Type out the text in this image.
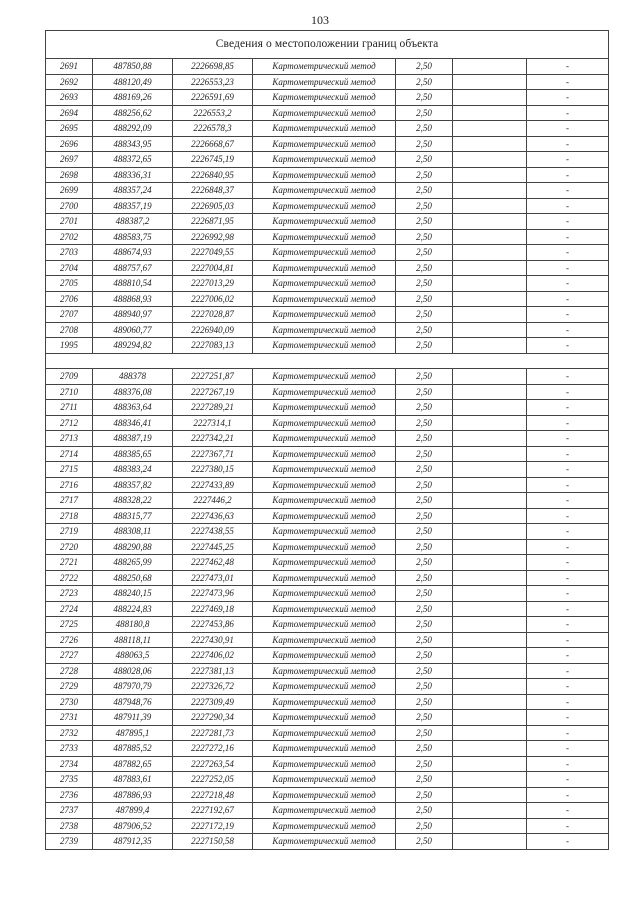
103
Сведения о местоположении границ объекта						
2691	487850,88	2226698,85	Картометрический метод	2,50		-
2692	488120,49	2226553,23	Картометрический метод	2,50		-
2693	488169,26	2226591,69	Картометрический метод	2,50		-
2694	488256,62	2226553,2	Картометрический метод	2,50		-
2695	488292,09	2226578,3	Картометрический метод	2,50		-
2696	488343,95	2226668,67	Картометрический метод	2,50		-
2697	488372,65	2226745,19	Картометрический метод	2,50		-
2698	488336,31	2226840,95	Картометрический метод	2,50		-
2699	488357,24	2226848,37	Картометрический метод	2,50		-
2700	488357,19	2226905,03	Картометрический метод	2,50		-
2701	488387,2	2226871,95	Картометрический метод	2,50		-
2702	488583,75	2226992,98	Картометрический метод	2,50		-
2703	488674,93	2227049,55	Картометрический метод	2,50		-
2704	488757,67	2227004,81	Картометрический метод	2,50		-
2705	488810,54	2227013,29	Картометрический метод	2,50		-
2706	488868,93	2227006,02	Картометрический метод	2,50		-
2707	488940,97	2227028,87	Картометрический метод	2,50		-
2708	489060,77	2226940,09	Картометрический метод	2,50		-
1995	489294,82	2227083,13	Картометрический метод	2,50		-

2709	488378	2227251,87	Картометрический метод	2,50		-
2710	488376,08	2227267,19	Картометрический метод	2,50		-
2711	488363,64	2227289,21	Картометрический метод	2,50		-
2712	488346,41	2227314,1	Картометрический метод	2,50		-
2713	488387,19	2227342,21	Картометрический метод	2,50		-
2714	488385,65	2227367,71	Картометрический метод	2,50		-
2715	488383,24	2227380,15	Картометрический метод	2,50		-
2716	488357,82	2227433,89	Картометрический метод	2,50		-
2717	488328,22	2227446,2	Картометрический метод	2,50		-
2718	488315,77	2227436,63	Картометрический метод	2,50		-
2719	488308,11	2227438,55	Картометрический метод	2,50		-
2720	488290,88	2227445,25	Картометрический метод	2,50		-
2721	488265,99	2227462,48	Картометрический метод	2,50		-
2722	488250,68	2227473,01	Картометрический метод	2,50		-
2723	488240,15	2227473,96	Картометрический метод	2,50		-
2724	488224,83	2227469,18	Картометрический метод	2,50		-
2725	488180,8	2227453,86	Картометрический метод	2,50		-
2726	488118,11	2227430,91	Картометрический метод	2,50		-
2727	488063,5	2227406,02	Картометрический метод	2,50		-
2728	488028,06	2227381,13	Картометрический метод	2,50		-
2729	487970,79	2227326,72	Картометрический метод	2,50		-
2730	487948,76	2227309,49	Картометрический метод	2,50		-
2731	487911,39	2227290,34	Картометрический метод	2,50		-
2732	487895,1	2227281,73	Картометрический метод	2,50		-
2733	487885,52	2227272,16	Картометрический метод	2,50		-
2734	487882,65	2227263,54	Картометрический метод	2,50		-
2735	487883,61	2227252,05	Картометрический метод	2,50		-
2736	487886,93	2227218,48	Картометрический метод	2,50		-
2737	487899,4	2227192,67	Картометрический метод	2,50		-
2738	487906,52	2227172,19	Картометрический метод	2,50		-
2739	487912,35	2227150,58	Картометрический метод	2,50		-
